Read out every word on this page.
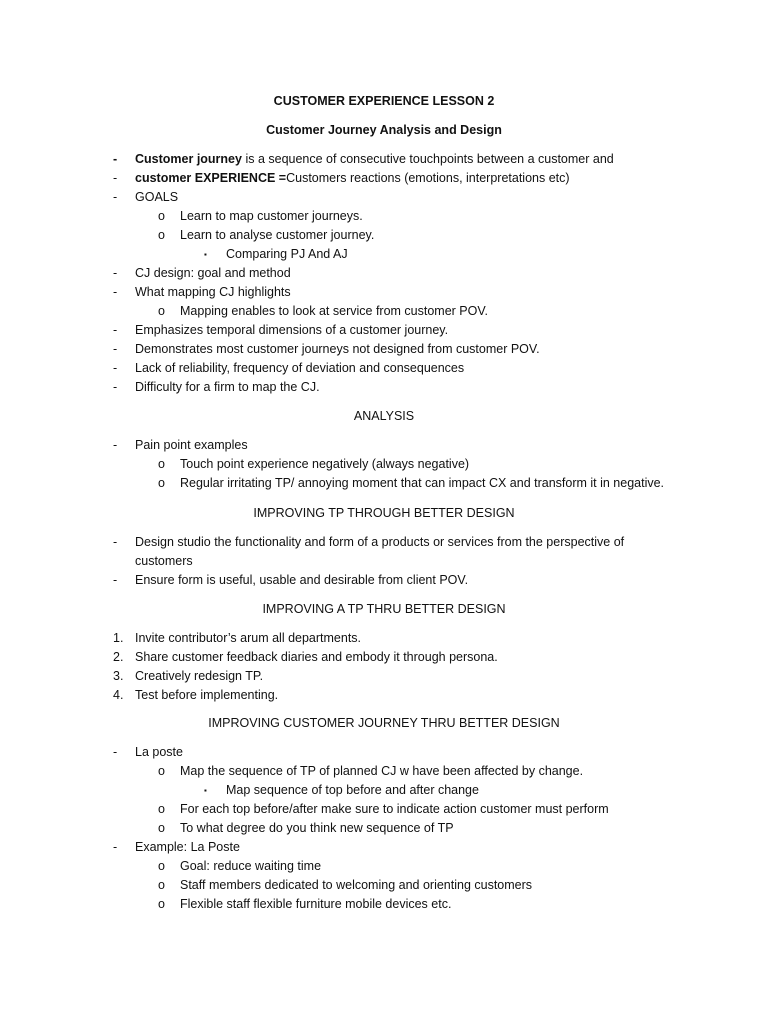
CUSTOMER EXPERIENCE LESSON 2
Customer Journey Analysis and Design
- Customer journey is a sequence of consecutive touchpoints between a customer and
- customer EXPERIENCE =Customers reactions (emotions, interpretations etc)
- GOALS
o Learn to map customer journeys.
o Learn to analyse customer journey.
▪ Comparing PJ And AJ
- CJ design: goal and method
- What mapping CJ highlights
o Mapping enables to look at service from customer POV.
- Emphasizes temporal dimensions of a customer journey.
- Demonstrates most customer journeys not designed from customer POV.
- Lack of reliability, frequency of deviation and consequences
- Difficulty for a firm to map the CJ.
ANALYSIS
- Pain point examples
o Touch point experience negatively (always negative)
o Regular irritating TP/ annoying moment that can impact CX and transform it in negative.
IMPROVING TP THROUGH BETTER DESIGN
- Design studio the functionality and form of a products or services from the perspective of customers
- Ensure form is useful, usable and desirable from client POV.
IMPROVING A TP THRU BETTER DESIGN
1. Invite contributor’s arum all departments.
2. Share customer feedback diaries and embody it through persona.
3. Creatively redesign TP.
4. Test before implementing.
IMPROVING CUSTOMER JOURNEY THRU BETTER DESIGN
- La poste
o Map the sequence of TP of planned CJ w have been affected by change.
▪ Map sequence of top before and after change
o For each top before/after make sure to indicate action customer must perform
o To what degree do you think new sequence of TP
- Example: La Poste
o Goal: reduce waiting time
o Staff members dedicated to welcoming and orienting customers
o Flexible staff flexible furniture mobile devices etc.
